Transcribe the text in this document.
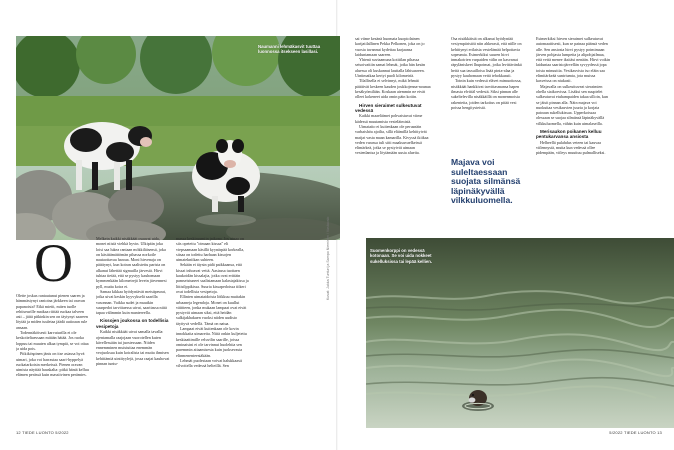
Naumanni lehmäkasvit tuuttaa luonnossa itsekseen lasillasi.
Suomenkorppi on vedessä kotonaan. Se voi uida nokkeet sukelluksissa tai lepää kellien.
O

Olette joskus rantautunut pienen saaren ja hämmästynyt rantoina järkkeen tai oravan papanoista? Eikä mietit, miten tuolle rehtiseurille matkaa riittää ruokaa talveen asti – jäitä pitkinkin sen on täytynyt saareen löytää ja miden tuuletaa jäädä autioaan rule ansaan.

Todennäköisesti karvaturilla ei ole keskoiteltaessaan mitään hätää. Jos ruoka loppuu tai muuten alkaa tympiä, se voi ottaa ja uida pois.

Pitkiköspinen jänis on itse asiassa hyvä uimari, joka voi harrastaa saari-hyppelyä ruokatarkoisin merkeissä. Pienen oravan uimista näyttää hauskalta: pitkä häntä kelluu elämen perässä kuin massiivinen perämies.

Melkein kaikki nisäkkäät osaavat uida, monet niistä viehkä hyvin. Ulkipäin joka loisi saa lukea rantaan mökkiläisensä, joka on käsittämättömän pihassa norkoile nautaottavaa haroaa. Moni hirvenaja on päättynyt, kun koiran saalistettu parista on alkanut lähettää sigmuilla järvesiä. Hirvi tuhtaa tietää, että se pystyy kauhomaan kymmenkään kilometrejä levein järvennesi pyll, mutta koira ei.

Samaa kikkaa hyödyntävät metsäpeurat, jotka uivat keskin kyyvykselä saarilla vasonnan. Vaikka sudet ja muutkin suurpedot tarvittaessa uivat, saaritassa niitä tapaa välimmin kuin mantereella.

Kissojen joukossa on todellisia vesipetoja

Kaikki nisäkkäät uivat samalla tavalla: ojentamalla raajojaan vuorotellen kuten kävellessään tai juostessaan. Niiden ennemminen muistuttaa enemmän veojuoksua kuin koiralista tai mutta ihmisen kehittämiä uintityylejä, jossa raajat kauhovat pinnan tuntu-

massa keskiruumiin jatkona. Jos uinaa on siis opetettu "oimaan kissaa" eli viepsaamaan käsillä kyynärpää korkealla, sitsaa on todettu harhaan kissojen uimatekniikan suhteen.

Sekään ei täysin pidä paikkaansa, että kissat inhoavat vettä. Aasiassa tuottaen kaukoidän kissalajia, jotka ovat erittäin pamseistuneet saalistamaan kalastajakissa ja littisilppikissa. Suuria kissapedoissa tiikeri ovat todellisia vesipetoja.

Ellinten uimataidoista löikkuu muitakin urbaaneja legendoja. Monet on kuullut väittteen, jonka mukaan lampaat ovat eivät pystyvät uimaan siksi, että heidän sulkijakhakuen vuoksi niiden uudisto täyttyvä vedellä. Tämä on natua.

Lampaat eivät kuitenkaan ole kovin innokkaita uimareita. Niitä onkin kuljetettu keskiaattimille reluvilin saarille, joissa ominaisini ei ole tarvinnut huolehtia sen paremmin aitaamisesta kuin juoksevasta elinmenenteestäkään.

Lehmät puolestaan voivat halukkaasti vilvoitella vedessä helteillä. Sen

sai viime kesänä huomata kuopiolainen kartjatilallinen Pekka Pelkonen, joka on jo vuosia tavannut kydettaa karjaansa laiduntamaan saareen.

Yhtenä suviaamuna kotitilan pihassa seisoivattiin samat lehmät, jotka hän kesän aluessa oli kuskannut lauttalla lähisaareen. Uintimatkaa kertyi puoli kilometriä.

Tilallisella ei selvinnyt, mikä lehmät päättivät keskeen kauden joukkojenna-nounaa kesäkyömilään. Koskaan aiemmin ne eivät olleet kokeneet uida omin päin kotiin.

Hirven sieraimet sulkeutuvat vedessä

Kaikki maaeläimet pohvaistuvat viime kädessä muutamista vesieläimistä.

Uimataito ei kuitenkaan ole perusnäin varhaishöa ajoilta, sillä eläimillä kehittyivät maijat vasta maan kamarilla. Kivyssä ikiikaa veden varassa tuli sitti maaksuvaelkeissä elimärkeä, jotka se pystyivät uimaan vesienlantsa ja löytämään uusia alueita.

Osa nisäkkäistä on alkanut hyödyntää vesiympäristöä niin ahkerasti, että niille on kehittynyt erilaisia vesielämää helpottavia sopeumia. Esimerkiksi suuren hirvi inmakoirien varpaiden välin on kasvanut räpyläniskeet lhupoimat, jotka levittävänkä heitä sua tassuilloisa lisää pinta-alaa ja pystyy kauhomaan vettä tehokkaasti.

Toinin kuin vedessä elävet mimuottossa, nisäkkäät hankkivat tarvittasmansa hapen ilmasta elvittäl vedestä. Siksi pinnan alle sukeltelevilla nisäkkäillä on monenmoisia rakenteita, joiden tarkoitus on pitää vesi poissa hengitysteistä.

Esimerkiksi hirven sieraimet sulkeutuvat automaattisesti, kun se painaa päänsä veden alle. Sen ansiosta hirvi pystyy poimimaan järven pohjasta lumpeita ja alipohjailmaa, että vettä menee iksitäsi nenään. Hirvi voikin laiduntaa saaristojärvellän syvyydessä jopa toista minuuttia. Vesikasvista iso eläin saa elimitärkeää suntriumta, jota muissa kasveissa on niukasti.

Majavalla on sulkeuttuveat sieraimien ohella siaikorvissa. Lisäksi sen suupielet sulkeutuvat etuhampaiden takaa silloin, kun se jäisit pinnan alla. Näin majava voi nuokuttaa vesikasvien juuria ja korjata patoaan sukellukissaa. Upperkoissaa olessaan se suojaa silmänsä läpinäkyvällä vilkkuluomella, vähän kuin uimalaseilla.

Merisaukon poikanen kelluu pentukarvansa ansiosta

Helheellä pulahdus veteen tai kauvaa viilennystä, mutta kun vedessä ollee pidempään, viileys muuttuu pulmalliseksi.

Majava voi suleltaessaan suojata silmänsä läpinäkyvällä vilkkuluomella.
Kuvat: Jukka Tunturi ja Sampo Nieminen / Vastavalo
12 TIEDE LUONTO 5/2022	5/2022 TIEDE LUONTO 13
